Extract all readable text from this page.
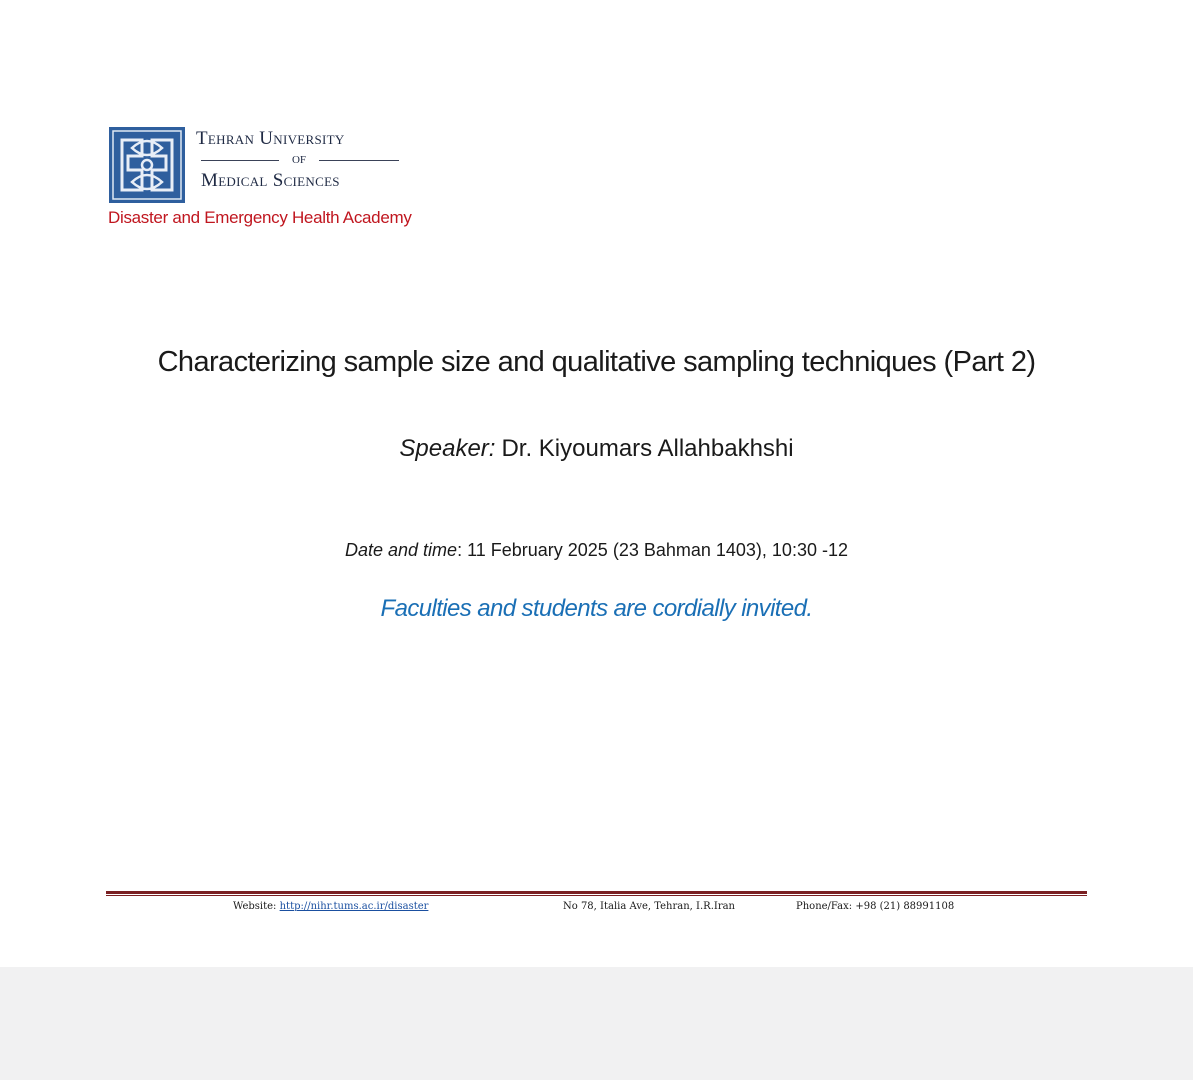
Tehran University
of
Medical Sciences
Disaster and Emergency Health Academy
Characterizing sample size and qualitative sampling techniques (Part 2)
Speaker: Dr. Kiyoumars Allahbakhshi
Date and time: 11 February 2025 (23 Bahman 1403), 10:30 -12
Faculties and students are cordially invited.
Website: http://nihr.tums.ac.ir/disaster	No 78, Italia Ave, Tehran, I.R.Iran	Phone/Fax: +98 (21) 88991108
